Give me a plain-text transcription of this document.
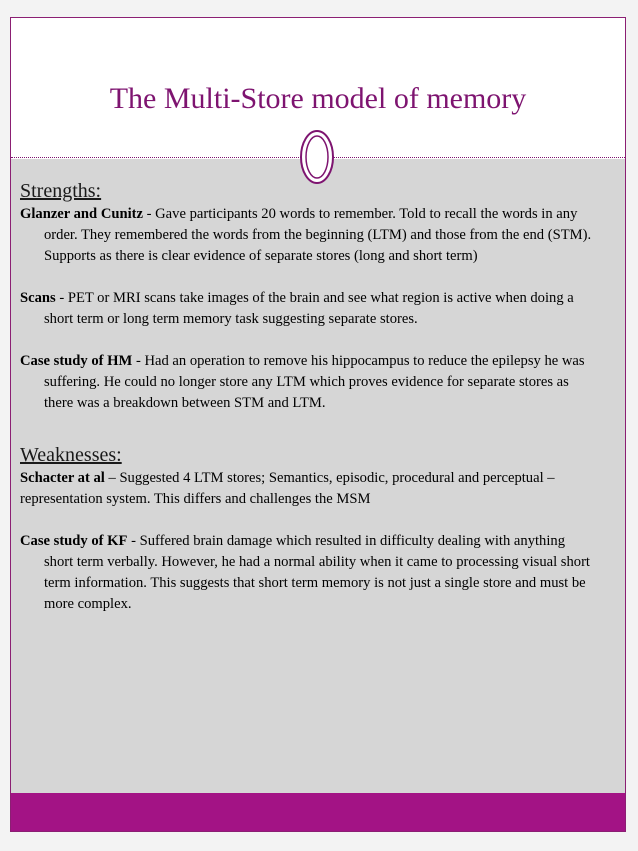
The Multi-Store model of memory
Strengths:

Glanzer and Cunitz - Gave participants 20 words to remember. Told to recall the words in any order. They remembered the words from the beginning (LTM) and those from the end (STM). Supports as there is clear evidence of separate stores (long and short term)

Scans - PET or MRI scans take images of the brain and see what region is active when doing a short term or long term memory task suggesting separate stores.

Case study of HM - Had an operation to remove his hippocampus to reduce the epilepsy he was suffering. He could no longer store any LTM which proves evidence for separate stores as there was a breakdown between STM and LTM.

Weaknesses:

Schacter at al – Suggested 4 LTM stores; Semantics, episodic, procedural and perceptual – representation system. This differs and challenges the MSM

Case study of KF - Suffered brain damage which resulted in difficulty dealing with anything short term verbally. However, he had a normal ability when it came to processing visual short term information. This suggests that short term memory is not just a single store and must be more complex.
